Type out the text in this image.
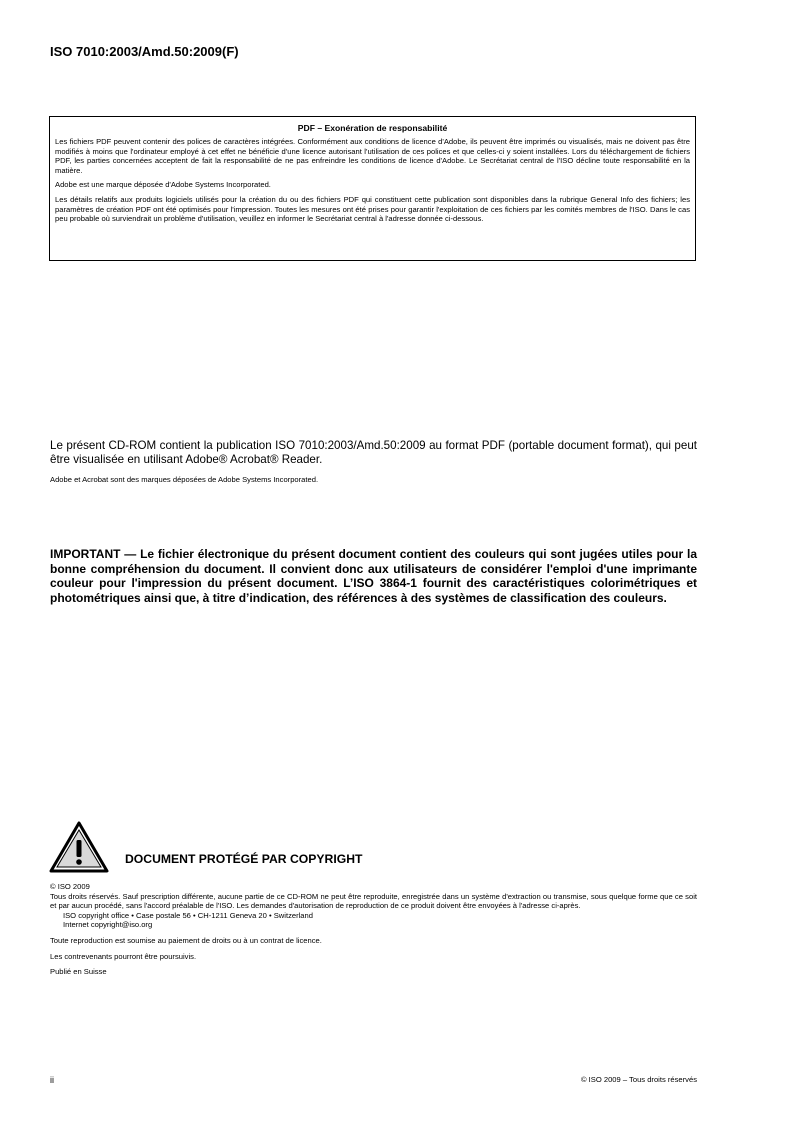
ISO 7010:2003/Amd.50:2009(F)
PDF – Exonération de responsabilité

Les fichiers PDF peuvent contenir des polices de caractères intégrées. Conformément aux conditions de licence d'Adobe, ils peuvent être imprimés ou visualisés, mais ne doivent pas être modifiés à moins que l'ordinateur employé à cet effet ne bénéficie d'une licence autorisant l'utilisation de ces polices et que celles-ci y soient installées. Lors du téléchargement de fichiers PDF, les parties concernées acceptent de fait la responsabilité de ne pas enfreindre les conditions de licence d'Adobe. Le Secrétariat central de l'ISO décline toute responsabilité en la matière.

Adobe est une marque déposée d'Adobe Systems Incorporated.

Les détails relatifs aux produits logiciels utilisés pour la création du ou des fichiers PDF qui constituent cette publication sont disponibles dans la rubrique General Info des fichiers; les paramètres de création PDF ont été optimisés pour l'impression. Toutes les mesures ont été prises pour garantir l'exploitation de ces fichiers par les comités membres de l'ISO. Dans le cas peu probable où surviendrait un problème d'utilisation, veuillez en informer le Secrétariat central à l'adresse donnée ci-dessous.

Le présent CD-ROM contient la publication ISO 7010:2003/Amd.50:2009 au format PDF (portable document format), qui peut être visualisée en utilisant Adobe® Acrobat® Reader.

Adobe et Acrobat sont des marques déposées de Adobe Systems Incorporated.

IMPORTANT — Le fichier électronique du présent document contient des couleurs qui sont jugées utiles pour la bonne compréhension du document. Il convient donc aux utilisateurs de considérer l'emploi d'une imprimante couleur pour l'impression du présent document. L’ISO 3864-1 fournit des caractéristiques colorimétriques et photométriques ainsi que, à titre d’indication, des références à des systèmes de classification des couleurs.

DOCUMENT PROTÉGÉ PAR COPYRIGHT

© ISO 2009

Tous droits réservés. Sauf prescription différente, aucune partie de ce CD-ROM ne peut être reproduite, enregistrée dans un système d'extraction ou transmise, sous quelque forme que ce soit et par aucun procédé, sans l'accord préalable de l'ISO. Les demandes d'autorisation de reproduction de ce produit doivent être envoyées à l'adresse ci-après.

ISO copyright office • Case postale 56 • CH-1211 Geneva 20 • Switzerland

Internet copyright@iso.org

Toute reproduction est soumise au paiement de droits ou à un contrat de licence.

Les contrevenants pourront être poursuivis.

Publié en Suisse

ii	© ISO 2009 – Tous droits réservés
